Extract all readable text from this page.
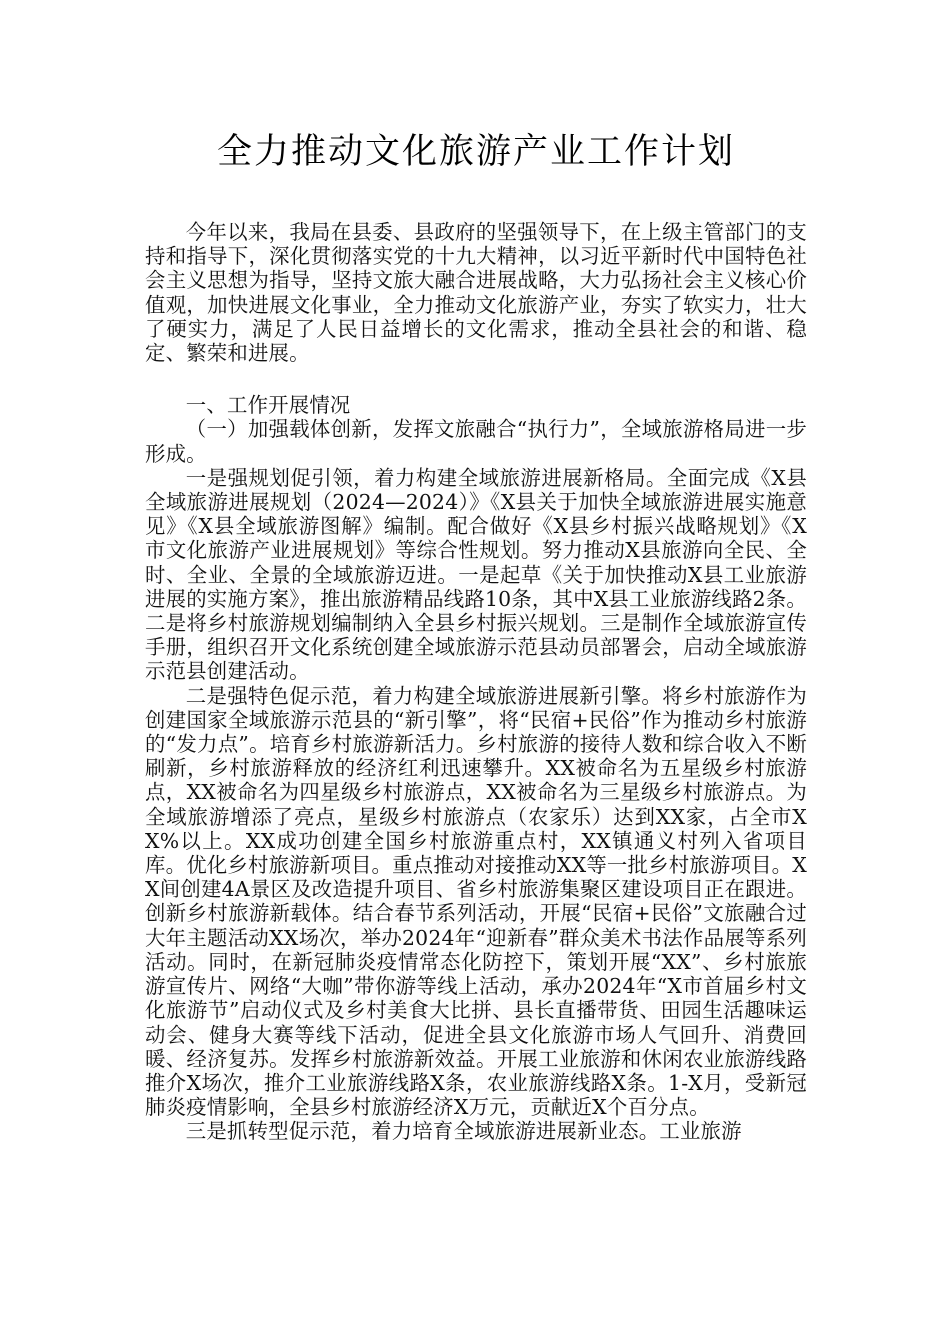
全力推动文化旅游产业工作计划

今年以来，我局在县委、县政府的坚强领导下，在上级主管部门的支持和指导下，深化贯彻落实党的十九大精神，以习近平新时代中国特色社会主义思想为指导，坚持文旅大融合进展战略，大力弘扬社会主义核心价值观，加快进展文化事业，全力推动文化旅游产业，夯实了软实力，壮大了硬实力，满足了人民日益增长的文化需求，推动全县社会的和谐、稳定、繁荣和进展。

一、工作开展情况

（一）加强载体创新，发挥文旅融合“执行力”，全域旅游格局进一步形成。

一是强规划促引领，着力构建全域旅游进展新格局。全面完成《X县全域旅游进展规划（2024—2024）》《X县关于加快全域旅游进展实施意见》《X县全域旅游图解》编制。配合做好《X县乡村振兴战略规划》《X市文化旅游产业进展规划》等综合性规划。努力推动X县旅游向全民、全时、全业、全景的全域旅游迈进。一是起草《关于加快推动X县工业旅游进展的实施方案》，推出旅游精品线路10条，其中X县工业旅游线路2条。二是将乡村旅游规划编制纳入全县乡村振兴规划。三是制作全域旅游宣传手册，组织召开文化系统创建全域旅游示范县动员部署会，启动全域旅游示范县创建活动。

二是强特色促示范，着力构建全域旅游进展新引擎。将乡村旅游作为创建国家全域旅游示范县的“新引擎”，将“民宿+民俗”作为推动乡村旅游的“发力点”。培育乡村旅游新活力。乡村旅游的接待人数和综合收入不断刷新，乡村旅游释放的经济红利迅速攀升。XX被命名为五星级乡村旅游点，XX被命名为四星级乡村旅游点，XX被命名为三星级乡村旅游点。为全域旅游增添了亮点，星级乡村旅游点（农家乐）达到XX家，占全市XX%以上。XX成功创建全国乡村旅游重点村，XX镇通义村列入省项目库。优化乡村旅游新项目。重点推动对接推动XX等一批乡村旅游项目。XX间创建4A景区及改造提升项目、省乡村旅游集聚区建设项目正在跟进。创新乡村旅游新载体。结合春节系列活动，开展“民宿+民俗”文旅融合过大年主题活动XX场次，举办2024年“迎新春”群众美术书法作品展等系列活动。同时，在新冠肺炎疫情常态化防控下，策划开展“XX”、乡村旅旅游宣传片、网络“大咖”带你游等线上活动，承办2024年“X市首届乡村文化旅游节”启动仪式及乡村美食大比拼、县长直播带货、田园生活趣味运动会、健身大赛等线下活动，促进全县文化旅游市场人气回升、消费回暖、经济复苏。发挥乡村旅游新效益。开展工业旅游和休闲农业旅游线路推介X场次，推介工业旅游线路X条，农业旅游线路X条。1-X月，受新冠肺炎疫情影响，全县乡村旅游经济X万元，贡献近X个百分点。

三是抓转型促示范，着力培育全域旅游进展新业态。工业旅游
